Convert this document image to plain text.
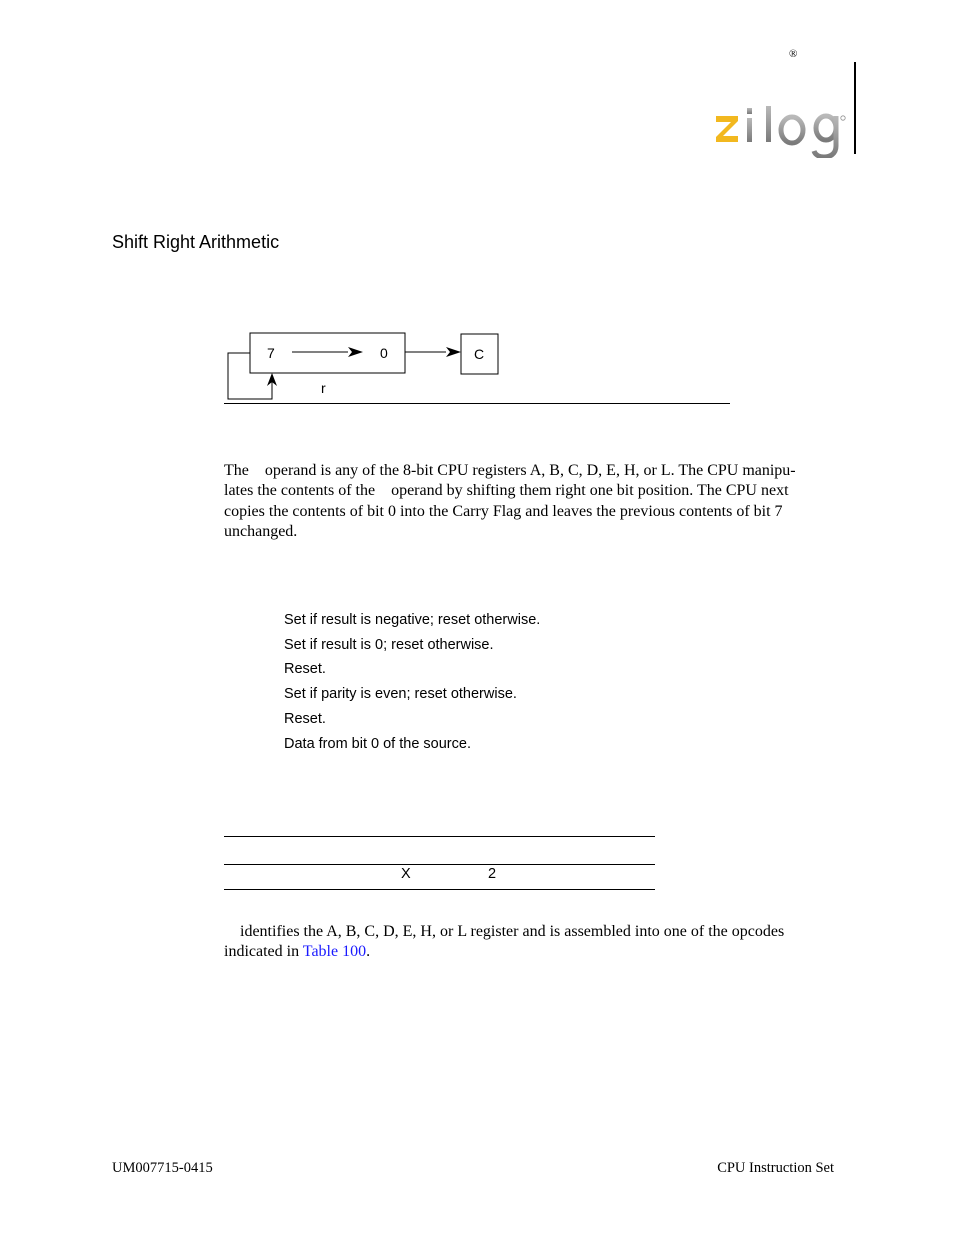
®
Shift Right Arithmetic
7	0	C
r
The    operand is any of the 8-bit CPU registers A, B, C, D, E, H, or L. The CPU manipu-
lates the contents of the    operand by shifting them right one bit position. The CPU next
copies the contents of bit 0 into the Carry Flag and leaves the previous contents of bit 7
unchanged.
Set if result is negative; reset otherwise.
Set if result is 0; reset otherwise.
Reset.
Set if parity is even; reset otherwise.
Reset.
Data from bit 0 of the source.
X	2
identifies the A, B, C, D, E, H, or L register and is assembled into one of the opcodes
indicated in Table 100.
UM007715-0415	CPU Instruction Set
